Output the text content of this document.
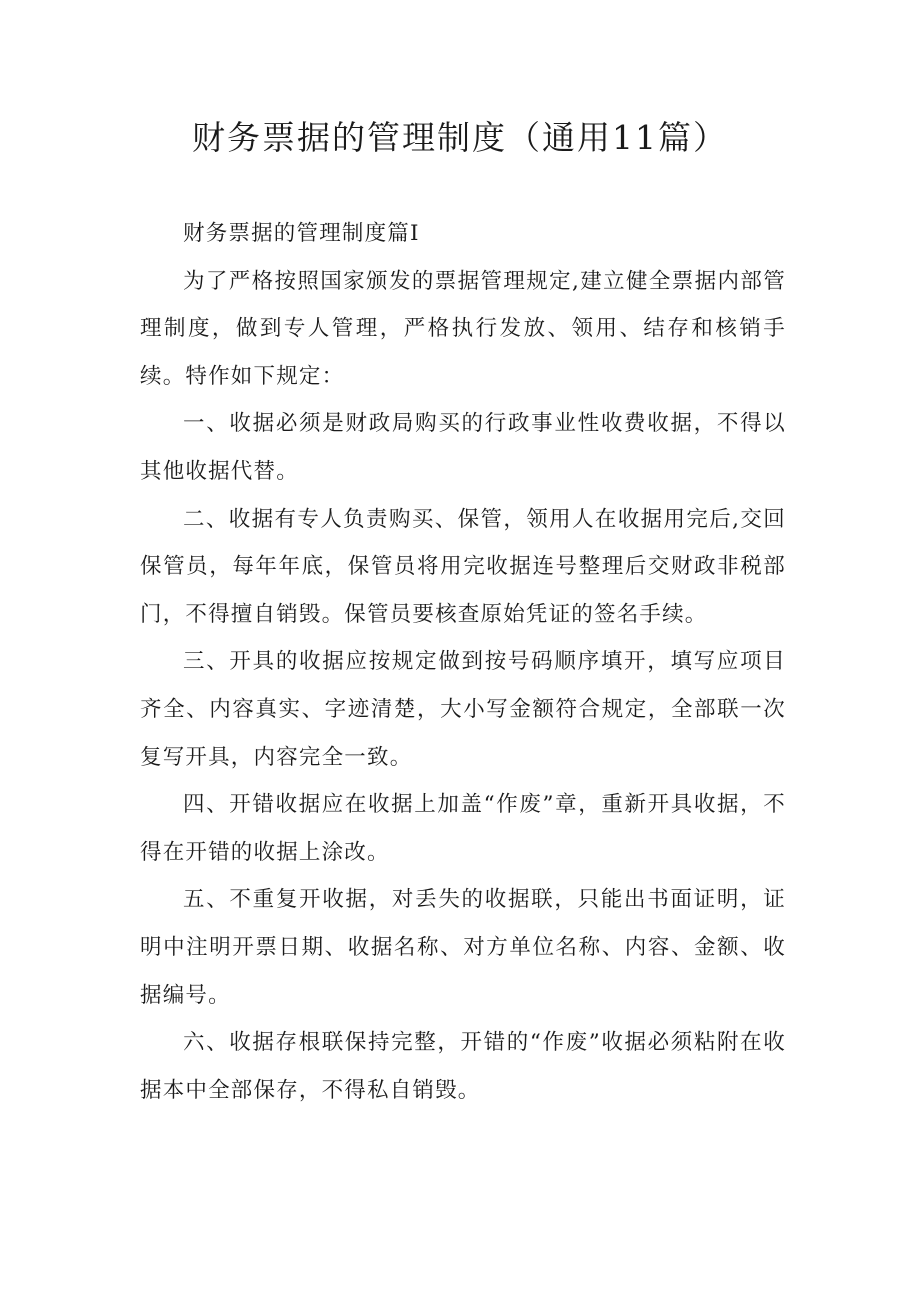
财务票据的管理制度（通用11篇）

财务票据的管理制度篇I

为了严格按照国家颁发的票据管理规定,建立健全票据内部管理制度，做到专人管理，严格执行发放、领用、结存和核销手续。特作如下规定：

一、收据必须是财政局购买的行政事业性收费收据，不得以其他收据代替。

二、收据有专人负责购买、保管，领用人在收据用完后,交回保管员，每年年底，保管员将用完收据连号整理后交财政非税部门，不得擅自销毁。保管员要核查原始凭证的签名手续。

三、开具的收据应按规定做到按号码顺序填开，填写应项目齐全、内容真实、字迹清楚，大小写金额符合规定，全部联一次复写开具，内容完全一致。

四、开错收据应在收据上加盖“作废”章，重新开具收据，不得在开错的收据上涂改。

五、不重复开收据，对丢失的收据联，只能出书面证明，证明中注明开票日期、收据名称、对方单位名称、内容、金额、收据编号。

六、收据存根联保持完整，开错的“作废”收据必须粘附在收据本中全部保存，不得私自销毁。
